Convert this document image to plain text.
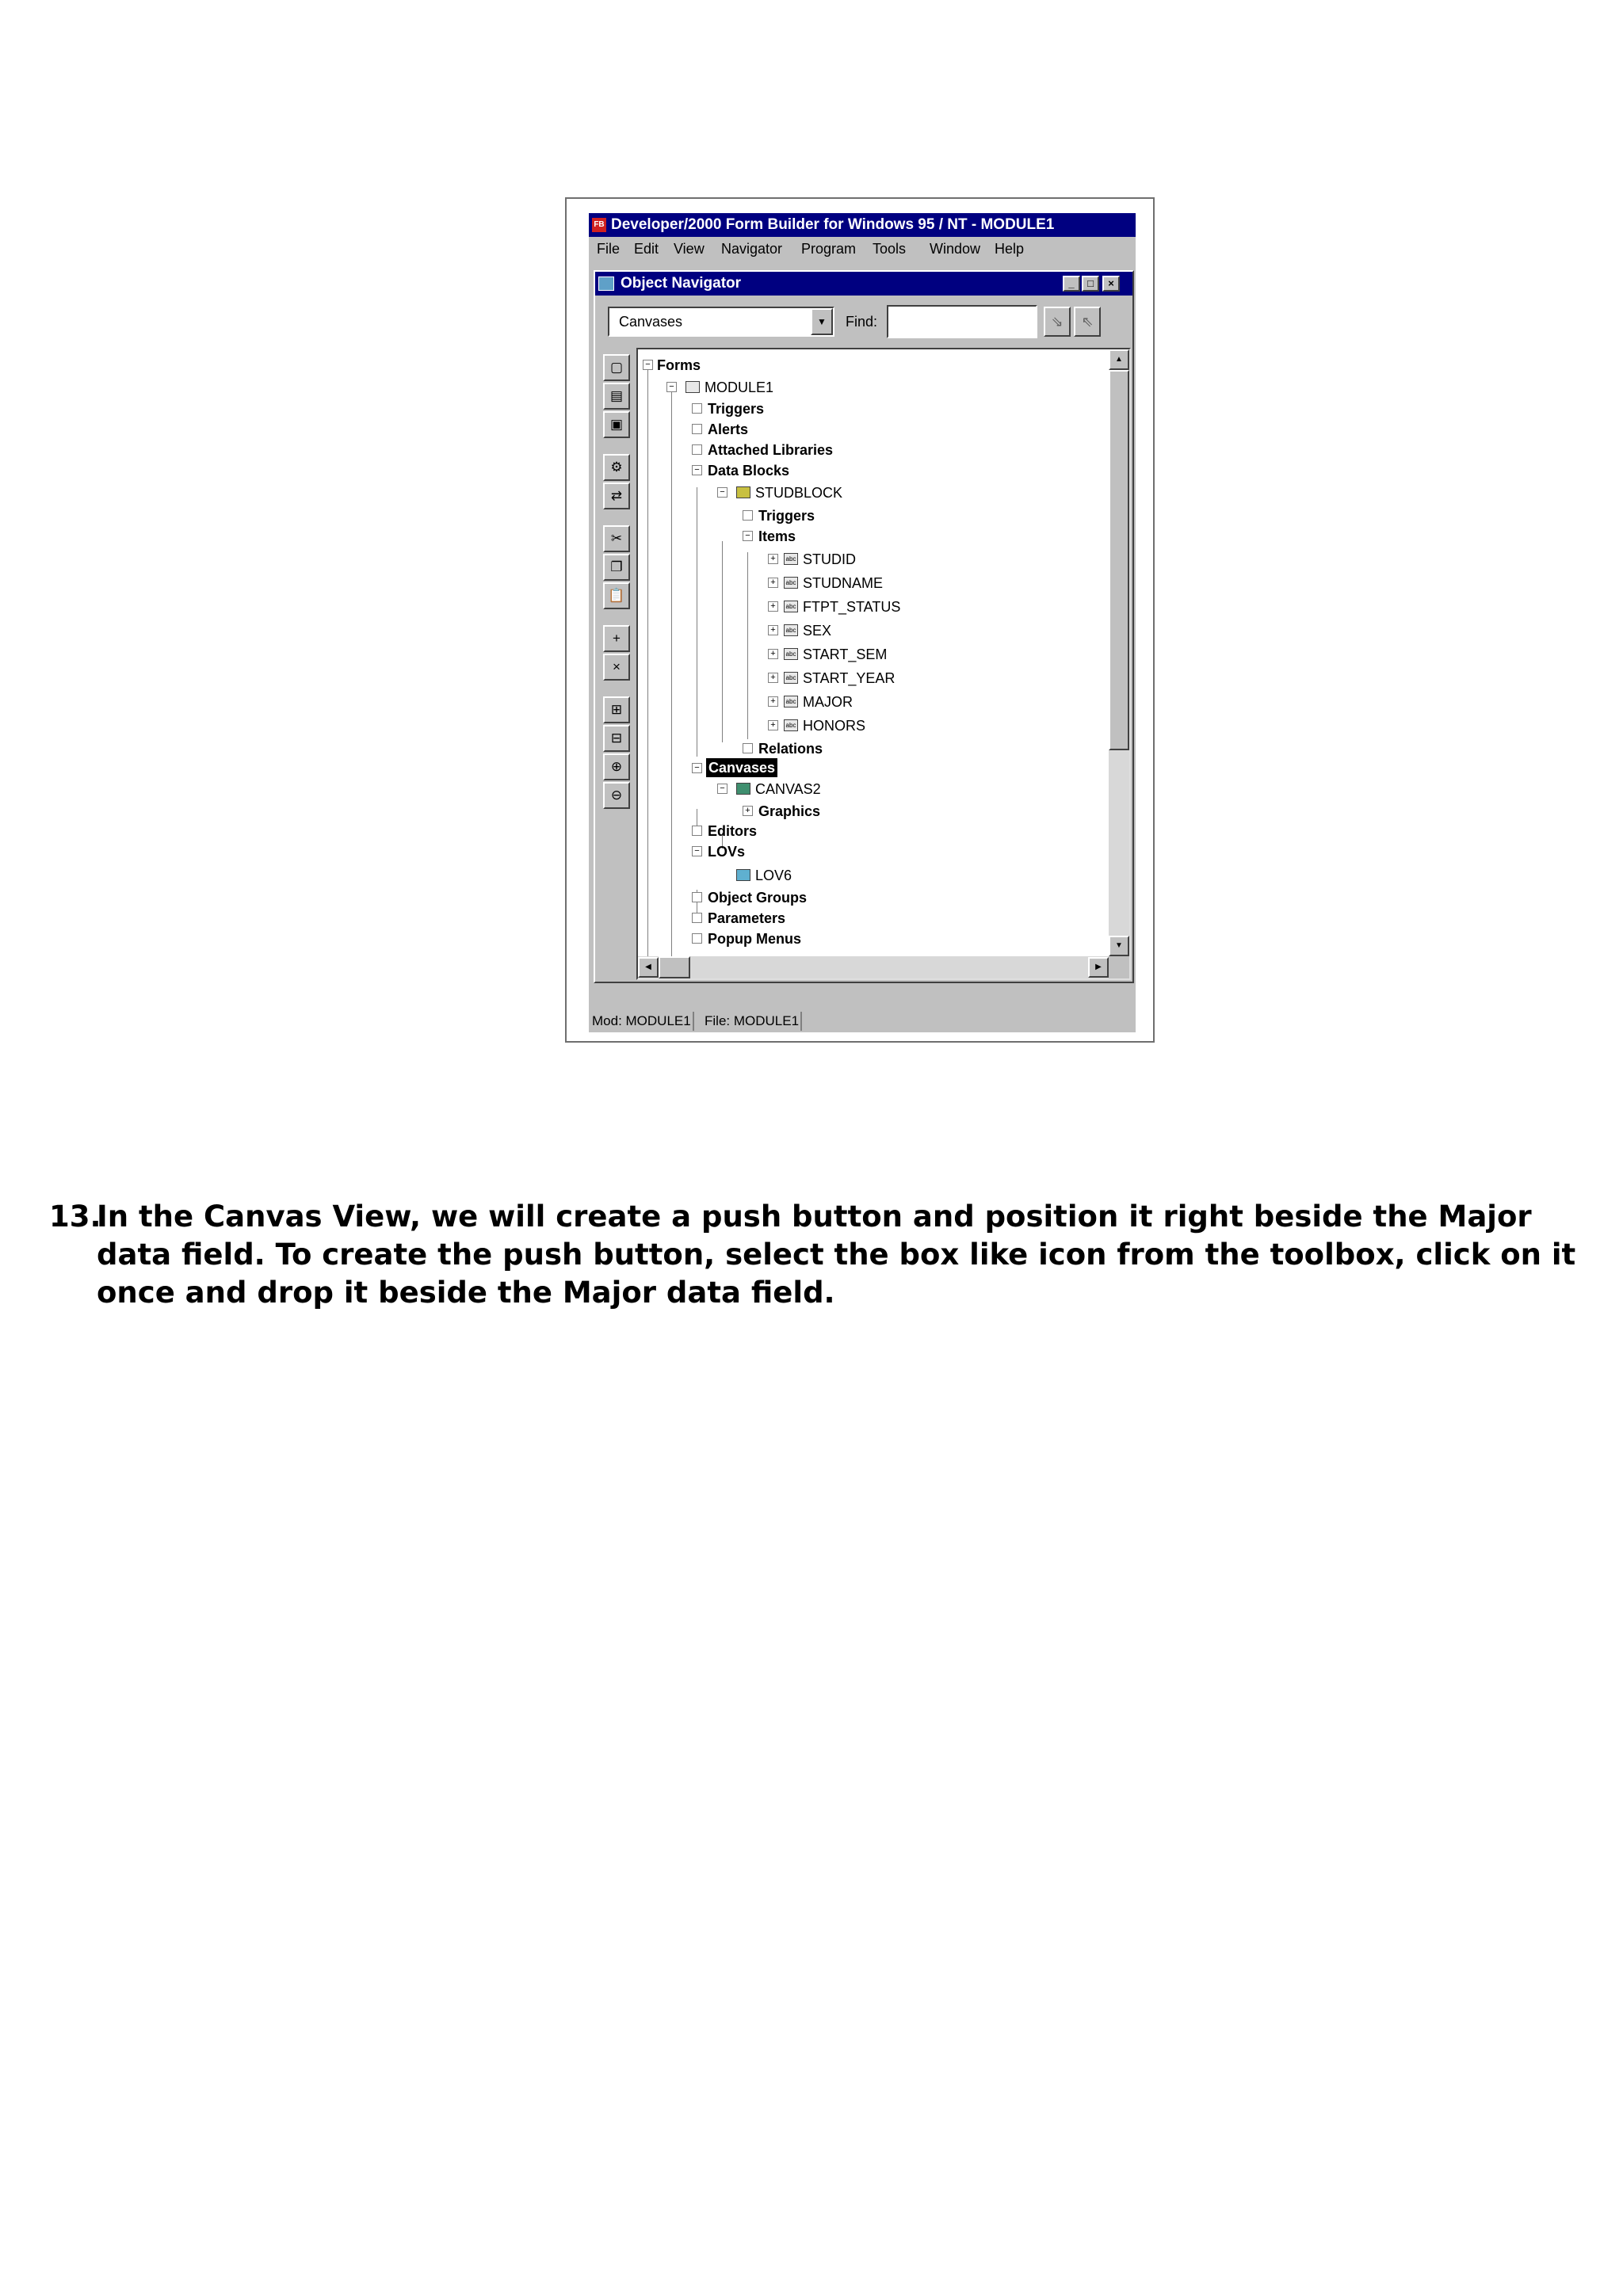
FB Developer/2000 Form Builder for Windows 95 / NT - MODULE1
File Edit View Navigator Program Tools Window Help
Object Navigator	_	□	×
Canvases	▼	Find:	⇘	⇖
▢
▤
▣
⚙
⇄
✂
❐
📋
+
×
⊞
⊟
⊕
⊖
− Forms
− MODULE1
Triggers
Alerts
Attached Libraries
− Data Blocks
− STUDBLOCK
Triggers
− Items
+	abc STUDID
+	abc STUDNAME
+	abc FTPT_STATUS
+	abc SEX
+	abc START_SEM
+	abc START_YEAR
+	abc MAJOR
+	abc HONORS
Relations
− Canvases
− CANVAS2
+ Graphics
Editors
− LOVs
LOV6
Object Groups
Parameters
Popup Menus
▲
▼
◀	▶
Mod: MODULE1 File: MODULE1
13.
In the Canvas View, we will create a push button and position it right beside the Major data field. To create the push button, select the box like icon from the toolbox, click on it once and drop it beside the Major data field.
